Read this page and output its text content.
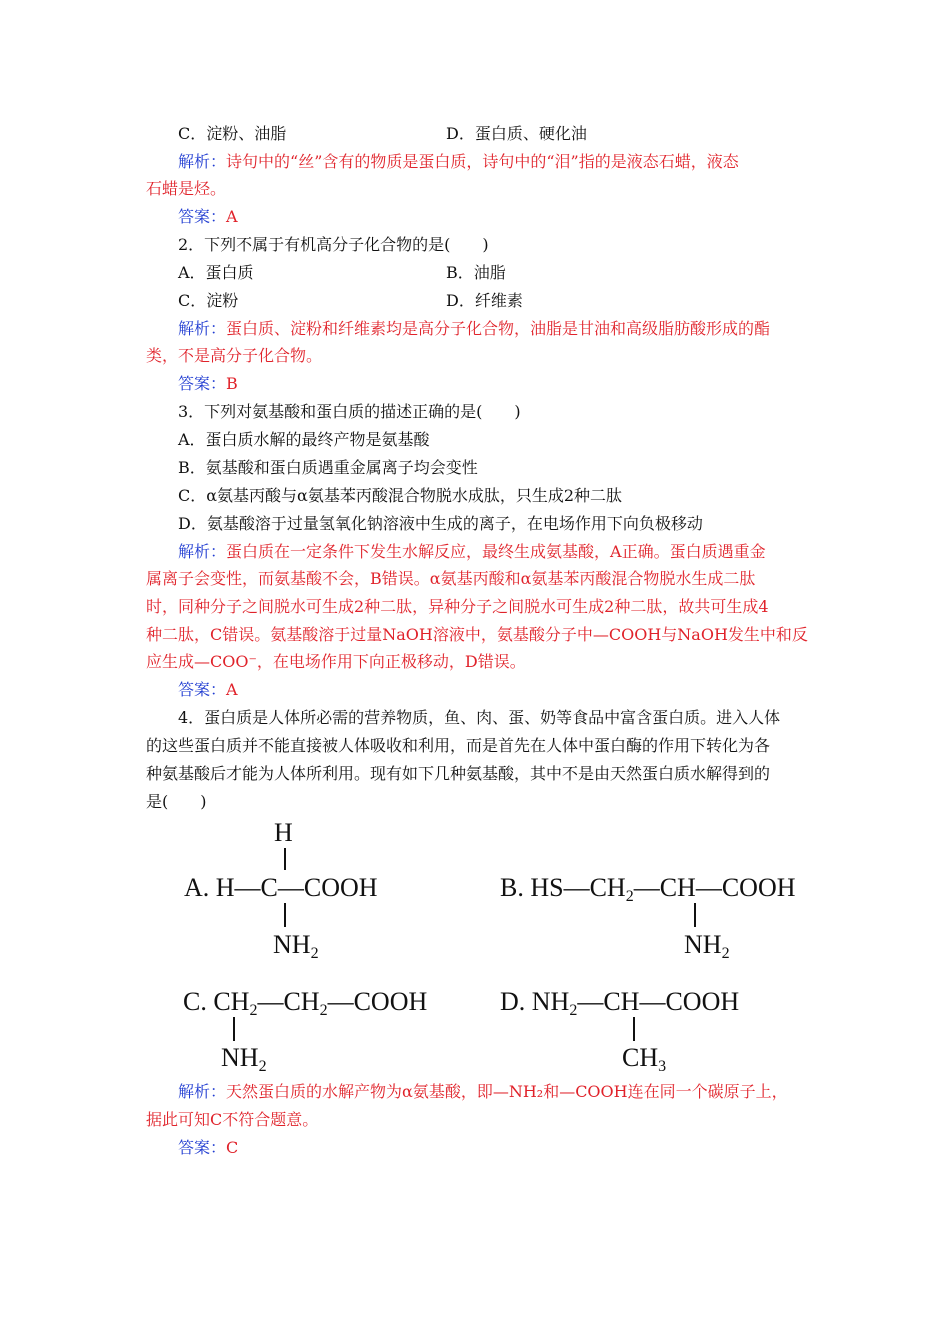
C．淀粉、油脂	D．蛋白质、硬化油
解析：诗句中的“丝”含有的物质是蛋白质，诗句中的“泪”指的是液态石蜡，液态
石蜡是烃。
答案：A
2．下列不属于有机高分子化合物的是(　　)
A．蛋白质	B．油脂
C．淀粉	D．纤维素
解析：蛋白质、淀粉和纤维素均是高分子化合物，油脂是甘油和高级脂肪酸形成的酯
类，不是高分子化合物。
答案：B
3．下列对氨基酸和蛋白质的描述正确的是(　　)
A．蛋白质水解的最终产物是氨基酸
B．氨基酸和蛋白质遇重金属离子均会变性
C．α氨基丙酸与α氨基苯丙酸混合物脱水成肽，只生成2种二肽
D．氨基酸溶于过量氢氧化钠溶液中生成的离子，在电场作用下向负极移动
解析：蛋白质在一定条件下发生水解反应，最终生成氨基酸，A正确。蛋白质遇重金
属离子会变性，而氨基酸不会，B错误。α氨基丙酸和α氨基苯丙酸混合物脱水生成二肽
时，同种分子之间脱水可生成2种二肽，异种分子之间脱水可生成2种二肽，故共可生成4
种二肽，C错误。氨基酸溶于过量NaOH溶液中，氨基酸分子中—COOH与NaOH发生中和反
应生成—COO⁻，在电场作用下向正极移动，D错误。
答案：A
4．蛋白质是人体所必需的营养物质，鱼、肉、蛋、奶等食品中富含蛋白质。进入人体
的这些蛋白质并不能直接被人体吸收和利用，而是首先在人体中蛋白酶的作用下转化为各
种氨基酸后才能为人体所利用。现有如下几种氨基酸，其中不是由天然蛋白质水解得到的
是(　　)
H
A. H—C—COOH
$NH_2$
B. $HS—CH_2—CH—COOH$
$NH_2$
C. $CH_2—CH_2—COOH$
$NH_2$
D. $NH_2—CH—COOH$
$CH_3$
解析：天然蛋白质的水解产物为α氨基酸，即—NH₂和—COOH连在同一个碳原子上，
据此可知C不符合题意。
答案：C
